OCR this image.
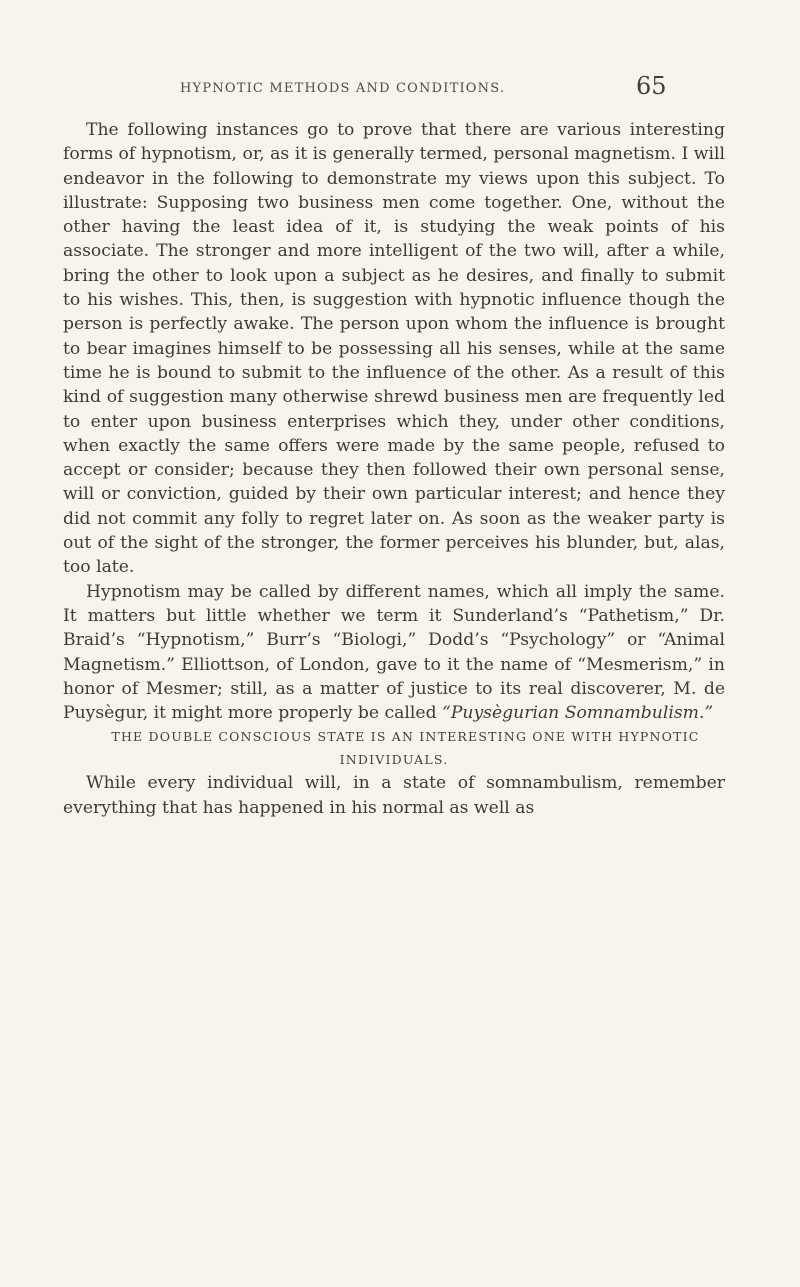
HYPNOTIC METHODS AND CONDITIONS.	65

The following instances go to prove that there are various interesting forms of hypnotism, or, as it is generally termed, personal magnetism. I will endeavor in the following to demonstrate my views upon this subject. To illustrate: Supposing two business men come together. One, without the other having the least idea of it, is studying the weak points of his associate. The stronger and more intelligent of the two will, after a while, bring the other to look upon a subject as he desires, and finally to submit to his wishes. This, then, is suggestion with hypnotic influence though the person is perfectly awake. The person upon whom the influence is brought to bear imagines himself to be possessing all his senses, while at the same time he is bound to submit to the influence of the other. As a result of this kind of suggestion many otherwise shrewd business men are frequently led to enter upon business enterprises which they, under other conditions, when exactly the same offers were made by the same people, refused to accept or consider; because they then followed their own personal sense, will or conviction, guided by their own particular interest; and hence they did not commit any folly to regret later on. As soon as the weaker party is out of the sight of the stronger, the former perceives his blunder, but, alas, too late.

Hypnotism may be called by different names, which all imply the same. It matters but little whether we term it Sunderland’s “Pathetism,” Dr. Braid’s “Hypnotism,” Burr’s “Biologi,” Dodd’s “Psychology” or “Animal Magnetism.” Elliottson, of London, gave to it the name of “Mesmerism,” in honor of Mesmer; still, as a matter of justice to its real discoverer, M. de Puysègur, it might more properly be called “Puysègurian Somnambulism.”

THE DOUBLE CONSCIOUS STATE IS AN INTERESTING ONE WITH HYPNOTIC INDIVIDUALS.

While every individual will, in a state of somnambulism, remember everything that has happened in his normal as well as
